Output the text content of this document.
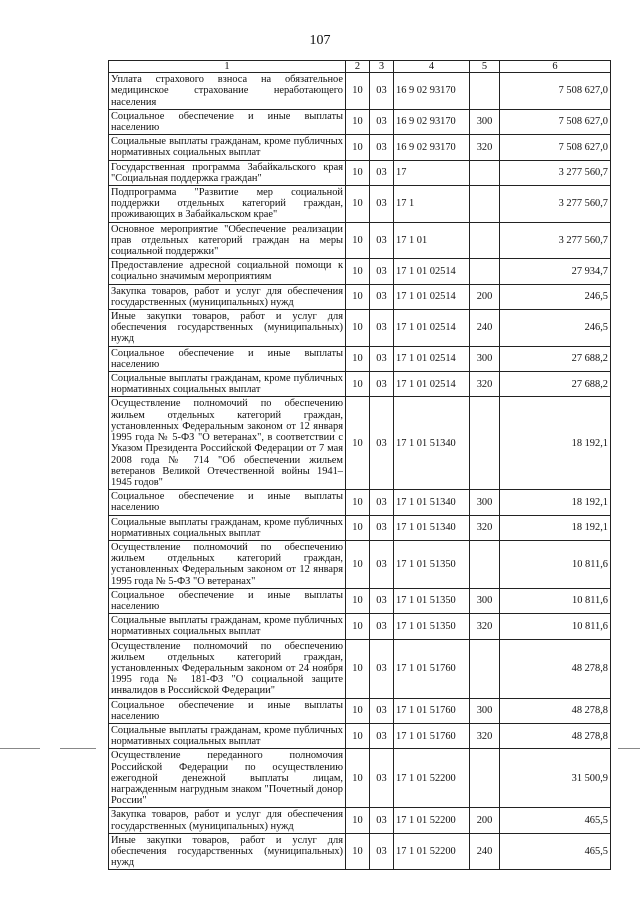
107
1	2	3	4	5	6
Уплата страхового взноса на обязательное медицинское страхование неработающего населения	10	03	16 9 02 93170		7 508 627,0
Социальное обеспечение и иные выплаты населению	10	03	16 9 02 93170	300	7 508 627,0
Социальные выплаты гражданам, кроме публичных нормативных социальных выплат	10	03	16 9 02 93170	320	7 508 627,0
Государственная программа Забайкальского края "Социальная поддержка граждан"	10	03	17		3 277 560,7
Подпрограмма "Развитие мер социальной поддержки отдельных категорий граждан, проживающих в Забайкальском крае"	10	03	17 1		3 277 560,7
Основное мероприятие "Обеспечение реализации прав отдельных категорий граждан на меры социальной поддержки"	10	03	17 1 01		3 277 560,7
Предоставление адресной социальной помощи к социально значимым мероприятиям	10	03	17 1 01 02514		27 934,7
Закупка товаров, работ и услуг для обеспечения государственных (муниципальных) нужд	10	03	17 1 01 02514	200	246,5
Иные закупки товаров, работ и услуг для обеспечения государственных (муниципальных) нужд	10	03	17 1 01 02514	240	246,5
Социальное обеспечение и иные выплаты населению	10	03	17 1 01 02514	300	27 688,2
Социальные выплаты гражданам, кроме публичных нормативных социальных выплат	10	03	17 1 01 02514	320	27 688,2
Осуществление полномочий по обеспечению жильем отдельных категорий граждан, установленных Федеральным законом от 12 января 1995 года № 5-ФЗ "О ветеранах", в соответствии с Указом Президента Российской Федерации от 7 мая 2008 года № 714 "Об обеспечении жильем ветеранов Великой Отечественной войны 1941–1945 годов"	10	03	17 1 01 51340		18 192,1
Социальное обеспечение и иные выплаты населению	10	03	17 1 01 51340	300	18 192,1
Социальные выплаты гражданам, кроме публичных нормативных социальных выплат	10	03	17 1 01 51340	320	18 192,1
Осуществление полномочий по обеспечению жильем отдельных категорий граждан, установленных Федеральным законом от 12 января 1995 года № 5-ФЗ "О ветеранах"	10	03	17 1 01 51350		10 811,6
Социальное обеспечение и иные выплаты населению	10	03	17 1 01 51350	300	10 811,6
Социальные выплаты гражданам, кроме публичных нормативных социальных выплат	10	03	17 1 01 51350	320	10 811,6
Осуществление полномочий по обеспечению жильем отдельных категорий граждан, установленных Федеральным законом от 24 ноября 1995 года № 181-ФЗ "О социальной защите инвалидов в Российской Федерации"	10	03	17 1 01 51760		48 278,8
Социальное обеспечение и иные выплаты населению	10	03	17 1 01 51760	300	48 278,8
Социальные выплаты гражданам, кроме публичных нормативных социальных выплат	10	03	17 1 01 51760	320	48 278,8
Осуществление переданного полномочия Российской Федерации по осуществлению ежегодной денежной выплаты лицам, награжденным нагрудным знаком "Почетный донор России"	10	03	17 1 01 52200		31 500,9
Закупка товаров, работ и услуг для обеспечения государственных (муниципальных) нужд	10	03	17 1 01 52200	200	465,5
Иные закупки товаров, работ и услуг для обеспечения государственных (муниципальных) нужд	10	03	17 1 01 52200	240	465,5
